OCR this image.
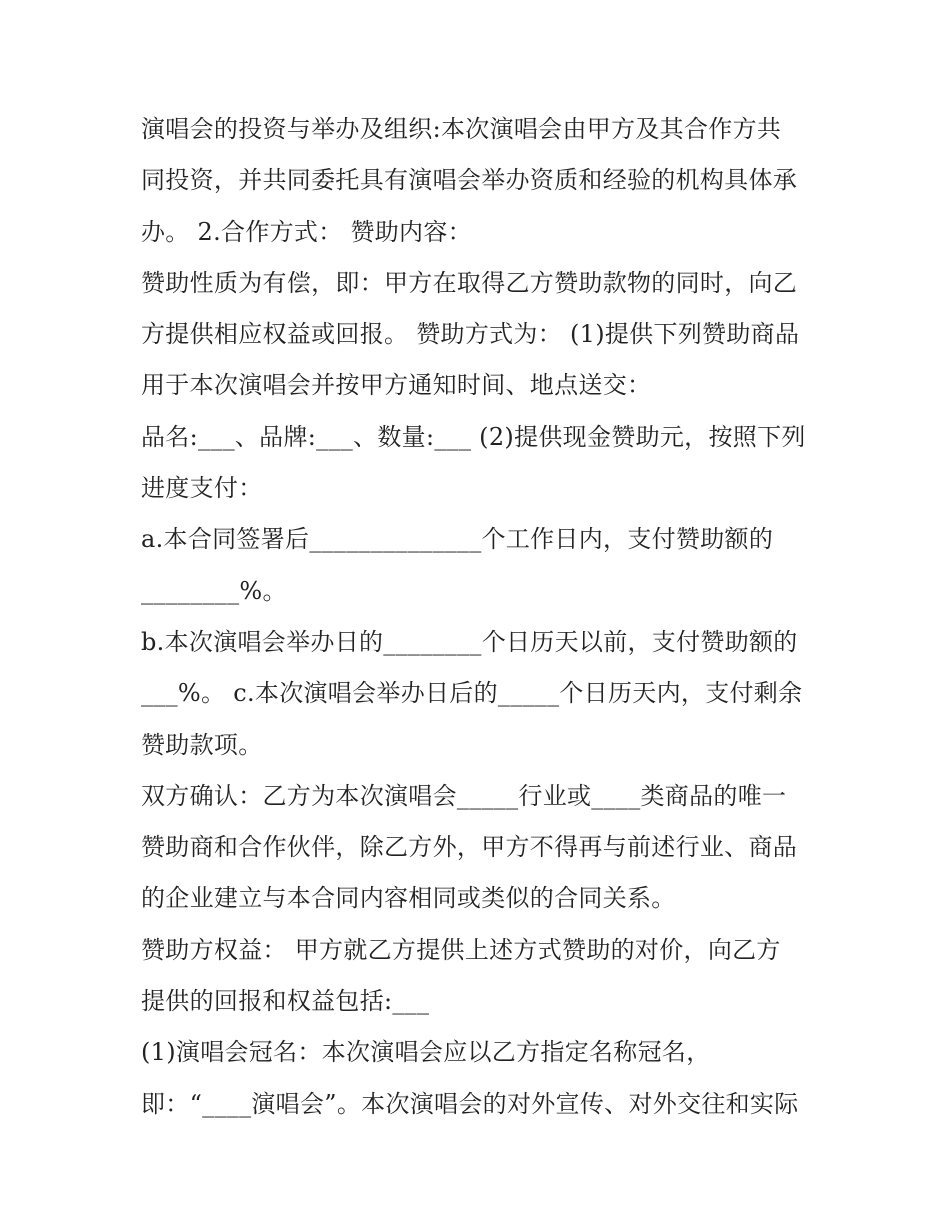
演唱会的投资与举办及组织:本次演唱会由甲方及其合作方共

同投资，并共同委托具有演唱会举办资质和经验的机构具体承

办。 2.合作方式： 赞助内容：

赞助性质为有偿，即：甲方在取得乙方赞助款物的同时，向乙

方提供相应权益或回报。 赞助方式为： (1)提供下列赞助商品

用于本次演唱会并按甲方通知时间、地点送交：

品名:___、品牌:___、数量:___ (2)提供现金赞助元，按照下列

进度支付：

a.本合同签署后______________个工作日内，支付赞助额的

________%。

b.本次演唱会举办日的________个日历天以前，支付赞助额的

___%。 c.本次演唱会举办日后的_____个日历天内，支付剩余

赞助款项。

双方确认：乙方为本次演唱会_____行业或____类商品的唯一

赞助商和合作伙伴，除乙方外，甲方不得再与前述行业、商品

的企业建立与本合同内容相同或类似的合同关系。

赞助方权益： 甲方就乙方提供上述方式赞助的对价，向乙方

提供的回报和权益包括:___

(1)演唱会冠名：本次演唱会应以乙方指定名称冠名，

即：“____演唱会”。本次演唱会的对外宣传、对外交往和实际
